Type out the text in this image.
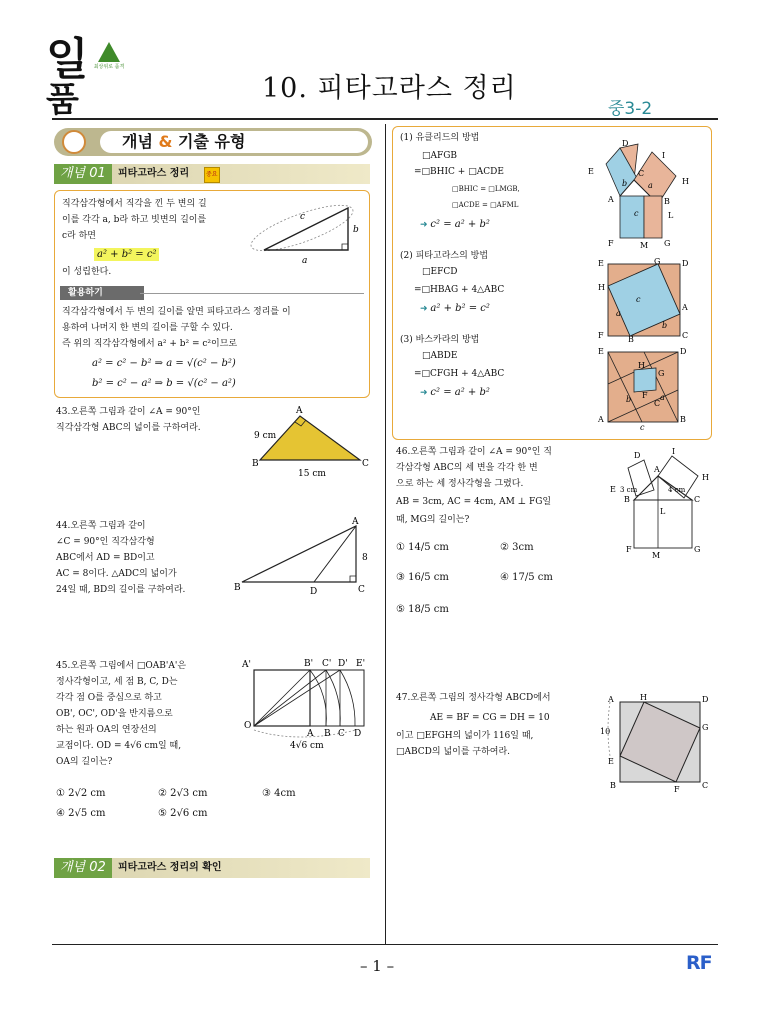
일
품
최상위로 품격
10. 피타고라스 정리
중3-2
개념 & 기출 유형
개념 01	피타고라스 정리	중요
직각삼각형에서 직각을 낀 두 변의 길
이를 각각 a, b라 하고 빗변의 길이를
c라 하면
a² + b² = c²
이 성립한다.
c
b
a
활용하기
직각삼각형에서 두 변의 길이를 알면 피타고라스 정리를 이
용하여 나머지 한 변의 길이를 구할 수 있다.
즉 위의 직각삼각형에서 a² + b² = c²이므로
a² = c² − b² ⇒ a = √(c² − b²)
b² = c² − a² ⇒ b = √(c² − a²)
43.오른쪽 그림과 같이 ∠A = 90°인
직각삼각형 ABC의 넓이를 구하여라.
A
B	C
9 cm
15 cm
44.오른쪽 그림과 같이
∠C = 90°인 직각삼각형
ABC에서 AD = BD이고
AC = 8이다. △ADC의 넓이가
24일 때, BD의 길이를 구하여라.
A
B	C
D
8
45.오른쪽 그림에서 □OAB'A'은
정사각형이고, 세 점 B, C, D는
각각 점 O를 중심으로 하고
OB', OC', OD'을 반지름으로
하는 원과 OA의 연장선의
교점이다. OD = 4√6 cm일 때,
OA의 길이는?
① 2√2 cm	② 2√3 cm	③ 4cm
④ 2√5 cm	⑤ 2√6 cm
A'	B' C' D' E'
O
A B C D
4√6 cm
개념 02	피타고라스 정리의 확인
(1) 유클리드의 방법
□AFGB
=□BHIC + □ACDE
□BHIC = □LMGB,
□ACDE = □AFML
➜ c² = a² + b²
(2) 피타고라스의 방법
□EFCD
=□HBAG + 4△ABC
➜ a² + b² = c²
(3) 바스카라의 방법
□ABDE
=□CFGH + 4△ABC
➜ c² = a² + b²
D
I
E
H
C
A	B
L
F	M G
b	a
c
E	G	D
H
A
F	B	C
c
a
b
E	D
H
G
F
C
A	B
c
b	a
46.오른쪽 그림과 같이 ∠A = 90°인 직
각삼각형 ABC의 세 변을 각각 한 변
으로 하는 세 정사각형을 그렸다.
AB = 3cm, AC = 4cm, AM ⊥ FG일
때, MG의 길이는?
① 14/5 cm	② 3cm
③ 16/5 cm	④ 17/5 cm
⑤ 18/5 cm
D	I
E
A
H
B	C
L
F
M
G
3 cm	4 cm
47.오른쪽 그림의 정사각형 ABCD에서
AE = BF = CG = DH = 10
이고 □EFGH의 넓이가 116일 때,
□ABCD의 넓이를 구하여라.
A	H	D
G
E
B	F	C
10
– 1 –	RF
